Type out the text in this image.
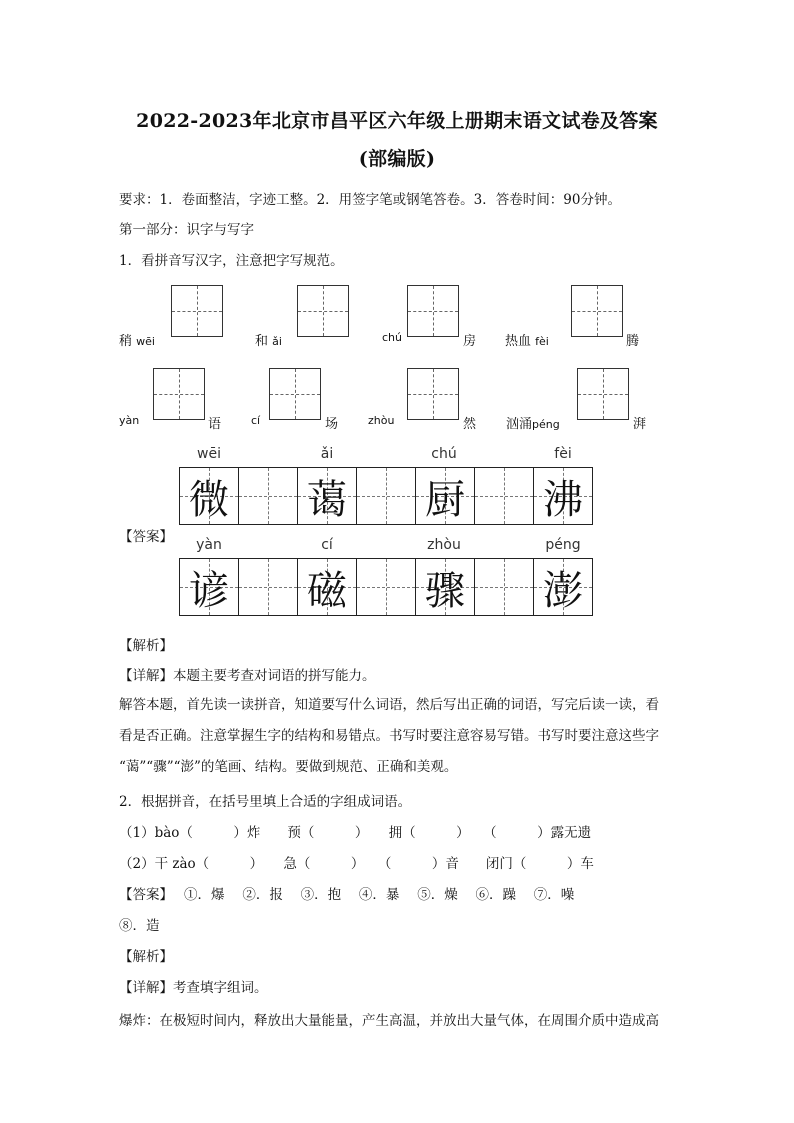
2022-2023年北京市昌平区六年级上册期末语文试卷及答案
(部编版)
要求：1．卷面整洁，字迹工整。2．用签字笔或钢笔答卷。3．答卷时间：90分钟。
第一部分：识字与写字
1．看拼音写汉字，注意把字写规范。
稍 wēi	和 ǎi	chú	房 热血 fèi	腾
yàn	语	cí	场	zhòu	然 汹涌péng	湃
【答案】
wēi	ǎi	chú	fèi
微 蔼 厨 沸
yàn	cí	zhòu	péng
谚 磁 骤 澎
【解析】
【详解】本题主要考查对词语的拼写能力。
解答本题，首先读一读拼音，知道要写什么词语，然后写出正确的词语，写完后读一读，看
看是否正确。注意掌握生字的结构和易错点。书写时要注意容易写错。书写时要注意这些字
“蔼”“骤”“澎”的笔画、结构。要做到规范、正确和美观。
2．根据拼音，在括号里填上合适的字组成词语。
（1）bào（　　　）炸　　预（　　　）　　拥（　　　）　　（　　　）露无遗
（2）干 zào（　　　）　　急（　　　）　　（　　　）音　　闭门（　　　）车
【答案】　 ①．爆　 ②．报　 ③．抱　 ④．暴　 ⑤．燥　 ⑥．躁　 ⑦．噪
⑧．造
【解析】
【详解】考查填字组词。
爆炸：在极短时间内，释放出大量能量，产生高温，并放出大量气体，在周围介质中造成高
